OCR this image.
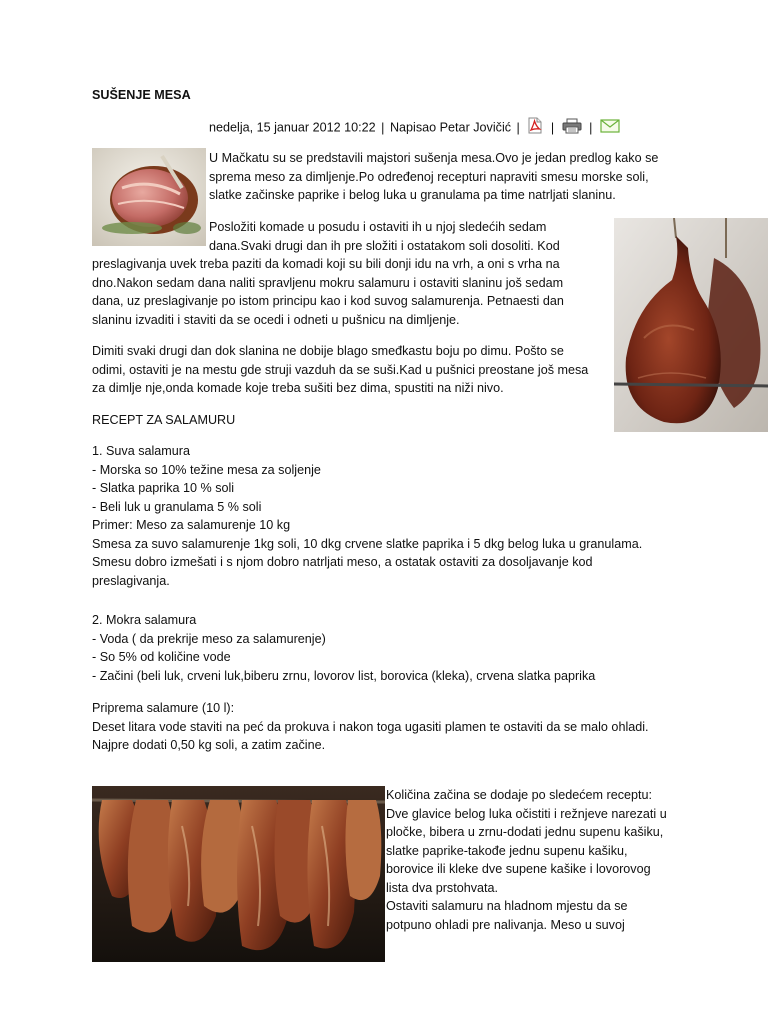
SUŠENJE MESA
nedelja, 15 januar 2012 10:22 | Napisao Petar Jovičić | |	|

U Mačkatu su se predstavili majstori sušenja mesa.Ovo je jedan predlog kako se

sprema meso za dimljenje.Po određenoj recepturi napraviti smesu morske soli,

slatke začinske paprike i belog luka u granulama pa time natrljati slaninu.

Posložiti komade u posudu i ostaviti ih u njoj sledećih sedam

dana.Svaki drugi dan ih pre složiti i ostatakom soli dosoliti. Kod

preslagivanja uvek treba paziti da komadi koji su bili donji idu na vrh, a oni s vrha na

dno.Nakon sedam dana naliti spravljenu mokru salamuru i ostaviti slaninu još sedam

dana, uz preslagivanje po istom principu kao i kod suvog salamurenja. Petnaesti dan

slaninu izvaditi i staviti da se ocedi i odneti u pušnicu na dimljenje.

Dimiti svaki drugi dan dok slanina ne dobije blago smeđkastu boju po dimu. Pošto se

odimi, ostaviti je na mestu gde struji vazduh da se suši.Kad u pušnici preostane još mesa

za dimlje nje,onda komade koje treba sušiti bez dima, spustiti na niži nivo.

RECEPT ZA SALAMURU

1. Suva salamura

- Morska so 10% težine mesa za soljenje

- Slatka paprika 10 % soli

- Beli luk u granulama 5 % soli

Primer: Meso za salamurenje 10 kg

Smesa za suvo salamurenje 1kg soli, 10 dkg crvene slatke paprika i 5 dkg belog luka u granulama.

Smesu dobro izmešati i s njom dobro natrljati meso, a ostatak ostaviti za dosoljavanje kod

preslagivanja.

2. Mokra salamura

- Voda ( da prekrije meso za salamurenje)

- So 5% od količine vode

- Začini (beli luk, crveni luk,biberu zrnu, lovorov list, borovica (kleka), crvena slatka paprika

Priprema salamure (10 l):

Deset litara vode staviti na peć da prokuva i nakon toga ugasiti plamen te ostaviti da se malo ohladi.

Najpre dodati 0,50 kg soli, a zatim začine.

Količina začina se dodaje po sledećem receptu:

Dve glavice belog luka očistiti i režnjeve narezati u

pločke, bibera u zrnu-dodati jednu supenu kašiku,

slatke paprike-takođe jednu supenu kašiku,

borovice ili kleke dve supene kašike i lovorovog

lista dva prstohvata.

Ostaviti salamuru na hladnom mjestu da se

potpuno ohladi pre nalivanja. Meso u suvoj
